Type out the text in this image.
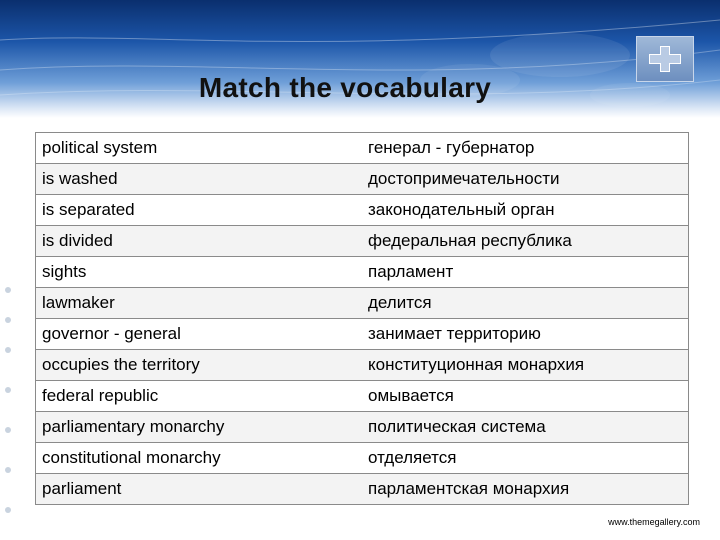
Match the vocabulary
political system	генерал - губернатор
is washed	достопримечательности
is separated	законодательный орган
is divided	федеральная республика
sights	парламент
lawmaker	делится
governor - general	занимает территорию
occupies the territory	конституционная монархия
federal republic	омывается
parliamentary monarchy	политическая система
constitutional monarchy	отделяется
parliament	парламентская монархия
www.themegallery.com
